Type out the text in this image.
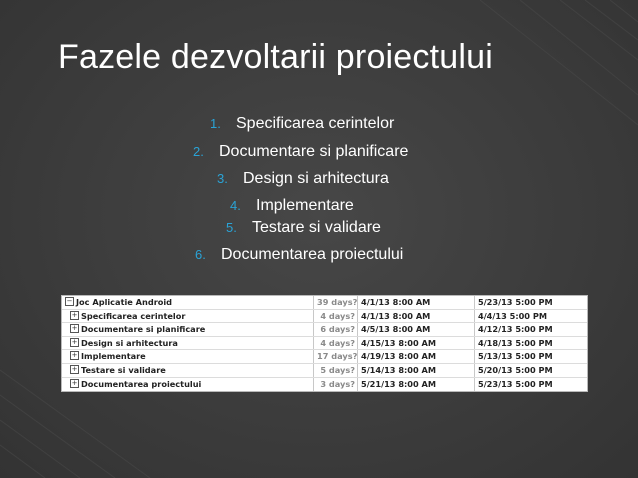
Fazele dezvoltarii proiectului
1. Specificarea cerintelor
2. Documentare si planificare
3. Design si arhitectura
4. Implementare
5. Testare si validare
6. Documentarea proiectului
− Joc Aplicatie Android	39 days? 4/1/13 8:00 AM	5/23/13 5:00 PM
+ Specificarea cerintelor	4 days? 4/1/13 8:00 AM	4/4/13 5:00 PM
+ Documentare si planificare	6 days? 4/5/13 8:00 AM	4/12/13 5:00 PM
+ Design si arhitectura	4 days? 4/15/13 8:00 AM	4/18/13 5:00 PM
+ Implementare	17 days? 4/19/13 8:00 AM	5/13/13 5:00 PM
+ Testare si validare	5 days? 5/14/13 8:00 AM	5/20/13 5:00 PM
+ Documentarea proiectului	3 days? 5/21/13 8:00 AM	5/23/13 5:00 PM
